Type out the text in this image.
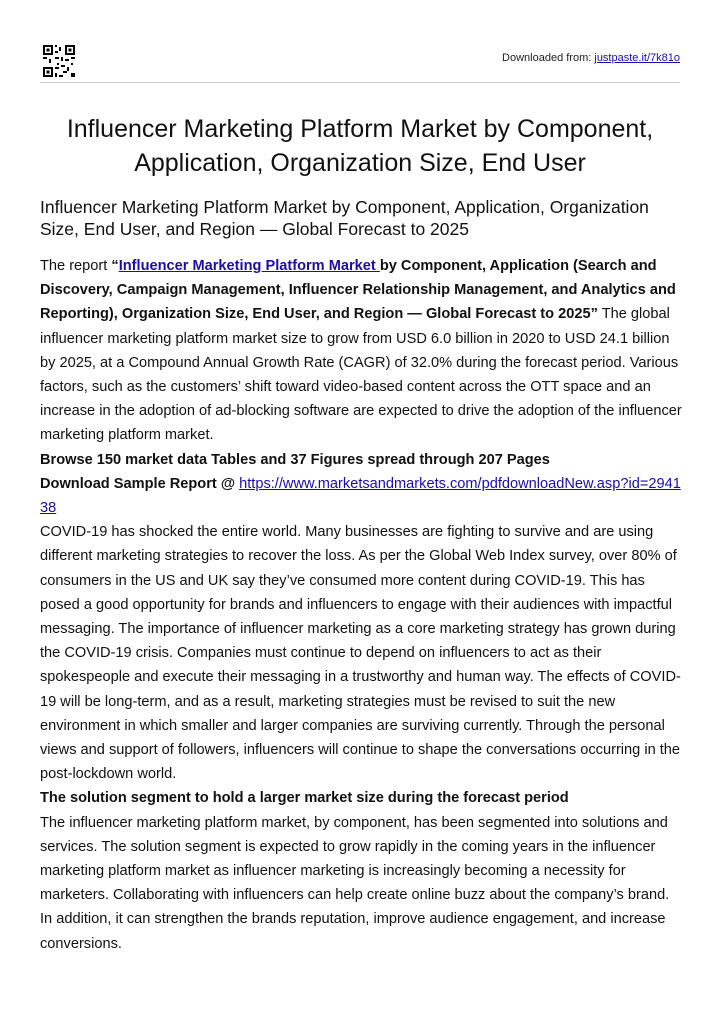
Downloaded from: justpaste.it/7k81o
Influencer Marketing Platform Market by Component, Application, Organization Size, End User
Influencer Marketing Platform Market by Component, Application, Organization Size, End User, and Region — Global Forecast to 2025

The report “Influencer Marketing Platform Market by Component, Application (Search and Discovery, Campaign Management, Influencer Relationship Management, and Analytics and Reporting), Organization Size, End User, and Region — Global Forecast to 2025” The global influencer marketing platform market size to grow from USD 6.0 billion in 2020 to USD 24.1 billion by 2025, at a Compound Annual Growth Rate (CAGR) of 32.0% during the forecast period. Various factors, such as the customers’ shift toward video-based content across the OTT space and an increase in the adoption of ad-blocking software are expected to drive the adoption of the influencer marketing platform market.

Browse 150 market data Tables and 37 Figures spread through 207 Pages

Download Sample Report @ https://www.marketsandmarkets.com/pdfdownloadNew.asp?id=294138

COVID-19 has shocked the entire world. Many businesses are fighting to survive and are using different marketing strategies to recover the loss. As per the Global Web Index survey, over 80% of consumers in the US and UK say they’ve consumed more content during COVID-19. This has posed a good opportunity for brands and influencers to engage with their audiences with impactful messaging. The importance of influencer marketing as a core marketing strategy has grown during the COVID-19 crisis. Companies must continue to depend on influencers to act as their spokespeople and execute their messaging in a trustworthy and human way. The effects of COVID-19 will be long-term, and as a result, marketing strategies must be revised to suit the new environment in which smaller and larger companies are surviving currently. Through the personal views and support of followers, influencers will continue to shape the conversations occurring in the post-lockdown world.

The solution segment to hold a larger market size during the forecast period

The influencer marketing platform market, by component, has been segmented into solutions and services. The solution segment is expected to grow rapidly in the coming years in the influencer marketing platform market as influencer marketing is increasingly becoming a necessity for marketers. Collaborating with influencers can help create online buzz about the company’s brand. In addition, it can strengthen the brands reputation, improve audience engagement, and increase conversions.
